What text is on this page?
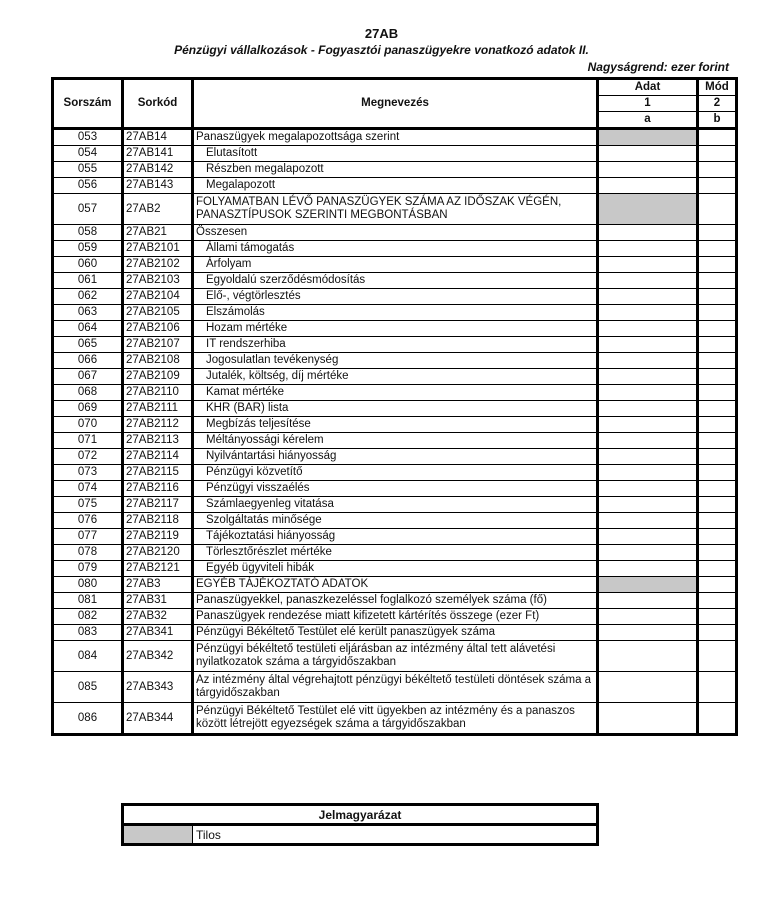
27AB
Pénzügyi vállalkozások - Fogyasztói panaszügyekre vonatkozó adatok II.
Nagyságrend: ezer forint
Sorszám	Sorkód	Megnevezés	Adat	Mód
			1	2
			a	b
053	27AB14	Panaszügyek megalapozottsága szerint		
054	27AB141	Elutasított		
055	27AB142	Részben megalapozott		
056	27AB143	Megalapozott		
057	27AB2	FOLYAMATBAN LÉVŐ PANASZÜGYEK SZÁMA AZ IDŐSZAK VÉGÉN, PANASZTÍPUSOK SZERINTI MEGBONTÁSBAN		
058	27AB21	Összesen		
059	27AB2101	Állami támogatás		
060	27AB2102	Árfolyam		
061	27AB2103	Egyoldalú szerződésmódosítás		
062	27AB2104	Elő-, végtörlesztés		
063	27AB2105	Elszámolás		
064	27AB2106	Hozam mértéke		
065	27AB2107	IT rendszerhiba		
066	27AB2108	Jogosulatlan tevékenység		
067	27AB2109	Jutalék, költség, díj mértéke		
068	27AB2110	Kamat mértéke		
069	27AB2111	KHR (BAR) lista		
070	27AB2112	Megbízás teljesítése		
071	27AB2113	Méltányossági kérelem		
072	27AB2114	Nyilvántartási hiányosság		
073	27AB2115	Pénzügyi közvetítő		
074	27AB2116	Pénzügyi visszaélés		
075	27AB2117	Számlaegyenleg vitatása		
076	27AB2118	Szolgáltatás minősége		
077	27AB2119	Tájékoztatási hiányosság		
078	27AB2120	Törlesztőrészlet mértéke		
079	27AB2121	Egyéb ügyviteli hibák		
080	27AB3	EGYÉB TÁJÉKOZTATÓ ADATOK		
081	27AB31	Panaszügyekkel, panaszkezeléssel foglalkozó személyek száma (fő)		
082	27AB32	Panaszügyek rendezése miatt kifizetett kártérítés összege (ezer Ft)		
083	27AB341	Pénzügyi Békéltető Testület elé került panaszügyek száma		
084	27AB342	Pénzügyi békéltető testületi eljárásban az intézmény által tett alávetési nyilatkozatok száma a tárgyidőszakban		
085	27AB343	Az intézmény által végrehajtott pénzügyi békéltető testületi döntések száma a tárgyidőszakban		
086	27AB344	Pénzügyi Békéltető Testület elé vitt ügyekben az intézmény és a panaszos között létrejött egyezségek száma a tárgyidőszakban		
Jelmagyarázat
	Tilos
